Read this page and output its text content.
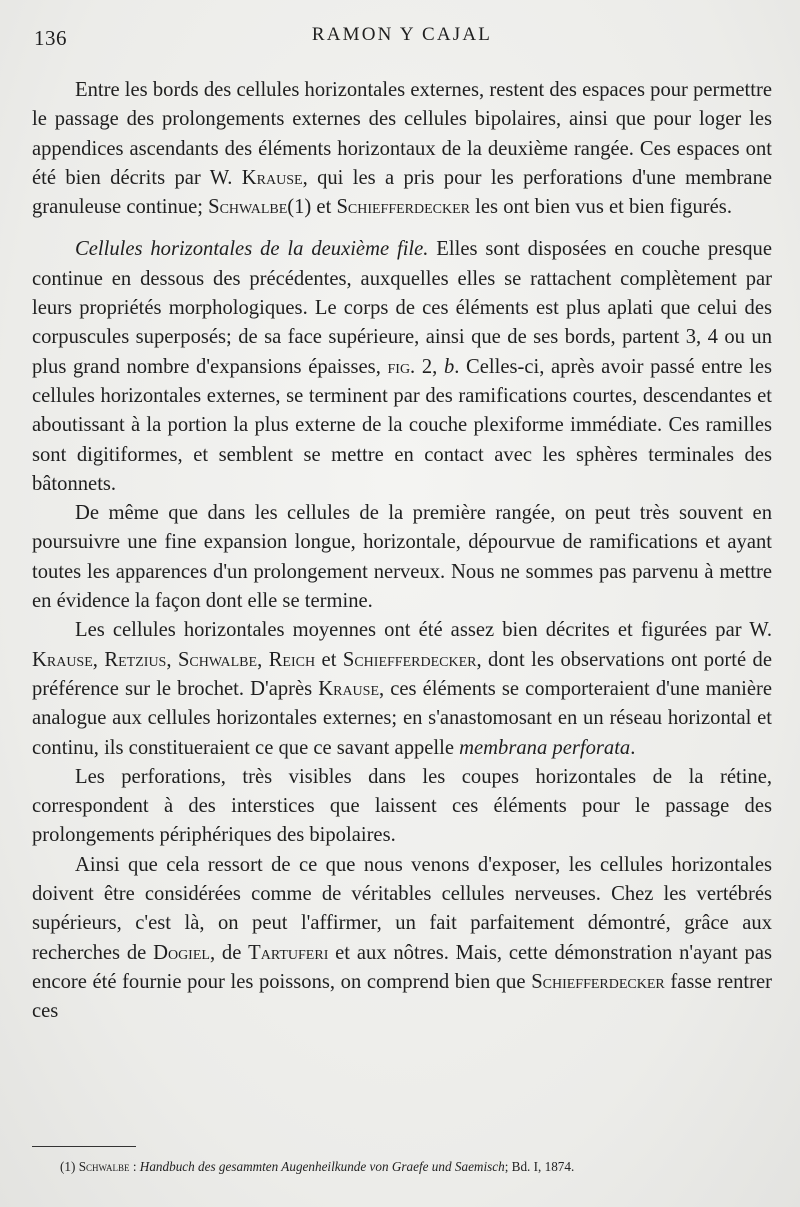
136	RAMON Y CAJAL

Entre les bords des cellules horizontales externes, restent des espaces pour permettre le passage des prolongements externes des cellules bipolaires, ainsi que pour loger les appendices ascendants des éléments horizontaux de la deuxième rangée. Ces espaces ont été bien décrits par W. Krause, qui les a pris pour les perforations d'une membrane granuleuse continue; Schwalbe(1) et Schiefferdecker les ont bien vus et bien figurés.

Cellules horizontales de la deuxième file. Elles sont disposées en couche presque continue en dessous des précédentes, auxquelles elles se rattachent complètement par leurs propriétés morphologiques. Le corps de ces éléments est plus aplati que celui des corpuscules superposés; de sa face supérieure, ainsi que de ses bords, partent 3, 4 ou un plus grand nombre d'expansions épaisses, fig. 2, b. Celles-ci, après avoir passé entre les cellules horizontales externes, se terminent par des ramifications courtes, descendantes et aboutissant à la portion la plus externe de la couche plexiforme immédiate. Ces ramilles sont digitiformes, et semblent se mettre en contact avec les sphères terminales des bâtonnets.

De même que dans les cellules de la première rangée, on peut très souvent en poursuivre une fine expansion longue, horizontale, dépourvue de ramifications et ayant toutes les apparences d'un prolongement nerveux. Nous ne sommes pas parvenu à mettre en évidence la façon dont elle se termine.

Les cellules horizontales moyennes ont été assez bien décrites et figurées par W. Krause, Retzius, Schwalbe, Reich et Schiefferdecker, dont les observations ont porté de préférence sur le brochet. D'après Krause, ces éléments se comporteraient d'une manière analogue aux cellules horizontales externes; en s'anastomosant en un réseau horizontal et continu, ils constitueraient ce que ce savant appelle membrana perforata.

Les perforations, très visibles dans les coupes horizontales de la rétine, correspondent à des interstices que laissent ces éléments pour le passage des prolongements périphériques des bipolaires.

Ainsi que cela ressort de ce que nous venons d'exposer, les cellules horizontales doivent être considérées comme de véritables cellules nerveuses. Chez les vertébrés supérieurs, c'est là, on peut l'affirmer, un fait parfaitement démontré, grâce aux recherches de Dogiel, de Tartuferi et aux nôtres. Mais, cette démonstration n'ayant pas encore été fournie pour les poissons, on comprend bien que Schiefferdecker fasse rentrer ces

(1) Schwalbe : Handbuch des gesammten Augenheilkunde von Graefe und Saemisch; Bd. I, 1874.
